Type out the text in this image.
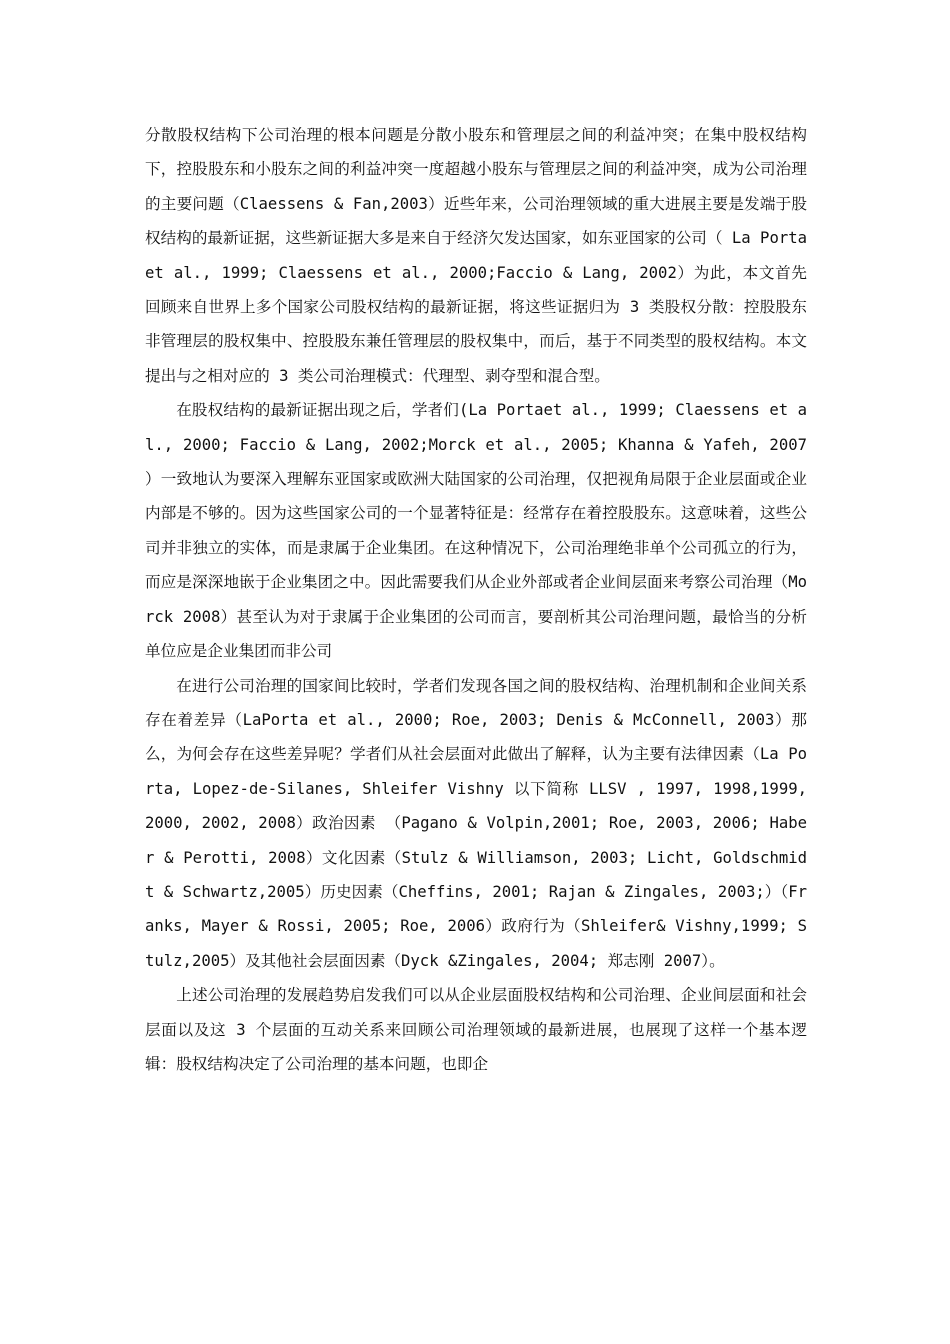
分散股权结构下公司治理的根本问题是分散小股东和管理层之间的利益冲突；在集中股权结构下，控股股东和小股东之间的利益冲突一度超越小股东与管理层之间的利益冲突，成为公司治理的主要问题（Claessens & Fan,2003）近些年来，公司治理领域的重大进展主要是发端于股权结构的最新证据，这些新证据大多是来自于经济欠发达国家，如东亚国家的公司（ La Porta et al., 1999; Claessens et al., 2000;Faccio & Lang, 2002）为此，本文首先回顾来自世界上多个国家公司股权结构的最新证据，将这些证据归为 3 类股权分散：控股股东非管理层的股权集中、控股股东兼任管理层的股权集中，而后，基于不同类型的股权结构。本文提出与之相对应的 3 类公司治理模式：代理型、剥夺型和混合型。

在股权结构的最新证据出现之后，学者们(La Portaet al., 1999; Claessens et al., 2000; Faccio & Lang, 2002;Morck et al., 2005; Khanna & Yafeh, 2007 ）一致地认为要深入理解东亚国家或欧洲大陆国家的公司治理，仅把视角局限于企业层面或企业内部是不够的。因为这些国家公司的一个显著特征是：经常存在着控股股东。这意味着，这些公司并非独立的实体，而是隶属于企业集团。在这种情况下，公司治理绝非单个公司孤立的行为，而应是深深地嵌于企业集团之中。因此需要我们从企业外部或者企业间层面来考察公司治理（Morck 2008）甚至认为对于隶属于企业集团的公司而言，要剖析其公司治理问题，最恰当的分析单位应是企业集团而非公司

在进行公司治理的国家间比较时，学者们发现各国之间的股权结构、治理机制和企业间关系存在着差异（LaPorta et al., 2000; Roe, 2003; Denis & McConnell, 2003）那么，为何会存在这些差异呢？学者们从社会层面对此做出了解释，认为主要有法律因素（La Porta, Lopez-de-Silanes, Shleifer Vishny 以下简称 LLSV , 1997, 1998,1999, 2000, 2002, 2008）政治因素 （Pagano & Volpin,2001; Roe, 2003, 2006; Haber & Perotti, 2008）文化因素（Stulz & Williamson, 2003; Licht, Goldschmidt & Schwartz,2005）历史因素（Cheffins, 2001; Rajan & Zingales, 2003;）（Franks, Mayer & Rossi, 2005; Roe, 2006）政府行为（Shleifer& Vishny,1999; Stulz,2005）及其他社会层面因素（Dyck &Zingales, 2004; 郑志刚 2007）。

上述公司治理的发展趋势启发我们可以从企业层面股权结构和公司治理、企业间层面和社会层面以及这 3 个层面的互动关系来回顾公司治理领域的最新进展，也展现了这样一个基本逻辑：股权结构决定了公司治理的基本问题，也即企
